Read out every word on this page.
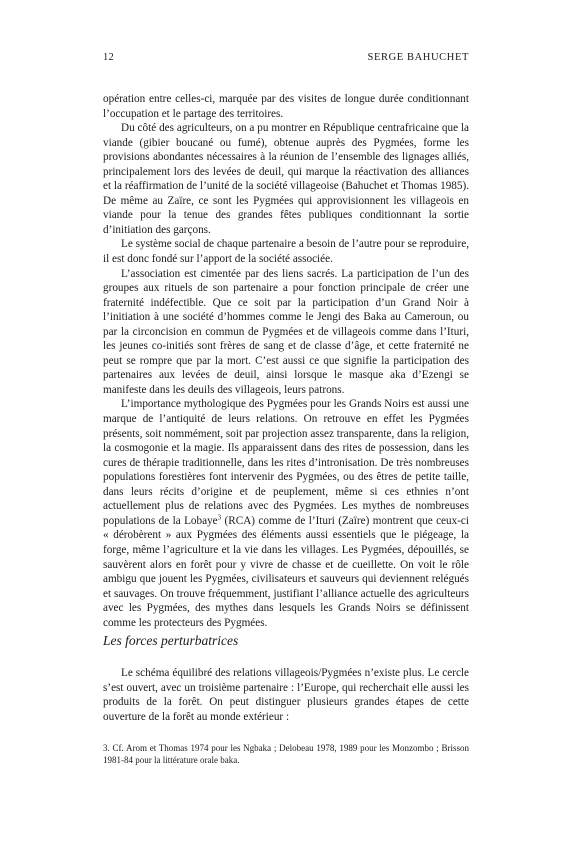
12	SERGE BAHUCHET

opération entre celles-ci, marquée par des visites de longue durée conditionnant l’occupation et le partage des territoires.

Du côté des agriculteurs, on a pu montrer en République centrafricaine que la viande (gibier boucané ou fumé), obtenue auprès des Pygmées, forme les provisions abondantes nécessaires à la réunion de l’ensemble des lignages alliés, principalement lors des levées de deuil, qui marque la réactivation des alliances et la réaffirmation de l’unité de la société villageoise (Bahuchet et Thomas 1985). De même au Zaïre, ce sont les Pygmées qui approvisionnent les villageois en viande pour la tenue des grandes fêtes publiques conditionnant la sortie d’initiation des garçons.

Le système social de chaque partenaire a besoin de l’autre pour se reproduire, il est donc fondé sur l’apport de la société associée.

L’association est cimentée par des liens sacrés. La participation de l’un des groupes aux rituels de son partenaire a pour fonction principale de créer une fraternité indéfectible. Que ce soit par la participation d’un Grand Noir à l’initiation à une société d’hommes comme le Jengi des Baka au Cameroun, ou par la circoncision en commun de Pygmées et de villageois comme dans l’Ituri, les jeunes co-initiés sont frères de sang et de classe d’âge, et cette fraternité ne peut se rompre que par la mort. C’est aussi ce que signifie la participation des partenaires aux levées de deuil, ainsi lorsque le masque aka d’Ezengi se manifeste dans les deuils des villageois, leurs patrons.

L’importance mythologique des Pygmées pour les Grands Noirs est aussi une marque de l’antiquité de leurs relations. On retrouve en effet les Pygmées présents, soit nommément, soit par projection assez transparente, dans la religion, la cosmogonie et la magie. Ils apparaissent dans des rites de possession, dans les cures de thérapie traditionnelle, dans les rites d’intronisation. De très nombreuses populations forestières font intervenir des Pygmées, ou des êtres de petite taille, dans leurs récits d’origine et de peuplement, même si ces ethnies n’ont actuellement plus de relations avec des Pygmées. Les mythes de nombreuses populations de la Lobaye$^3$ (RCA) comme de l’Ituri (Zaïre) montrent que ceux-ci « dérobèrent » aux Pygmées des éléments aussi essentiels que le piégeage, la forge, même l’agriculture et la vie dans les villages. Les Pygmées, dépouillés, se sauvèrent alors en forêt pour y vivre de chasse et de cueillette. On voit le rôle ambigu que jouent les Pygmées, civilisateurs et sauveurs qui deviennent relégués et sauvages. On trouve fréquemment, justifiant l’alliance actuelle des agriculteurs avec les Pygmées, des mythes dans lesquels les Grands Noirs se définissent comme les protecteurs des Pygmées.

Les forces perturbatrices

Le schéma équilibré des relations villageois/Pygmées n’existe plus. Le cercle s’est ouvert, avec un troisième partenaire : l’Europe, qui recherchait elle aussi les produits de la forêt. On peut distinguer plusieurs grandes étapes de cette ouverture de la forêt au monde extérieur :

3. Cf. Arom et Thomas 1974 pour les Ngbaka ; Delobeau 1978, 1989 pour les Monzombo ; Brisson 1981-84 pour la littérature orale baka.
